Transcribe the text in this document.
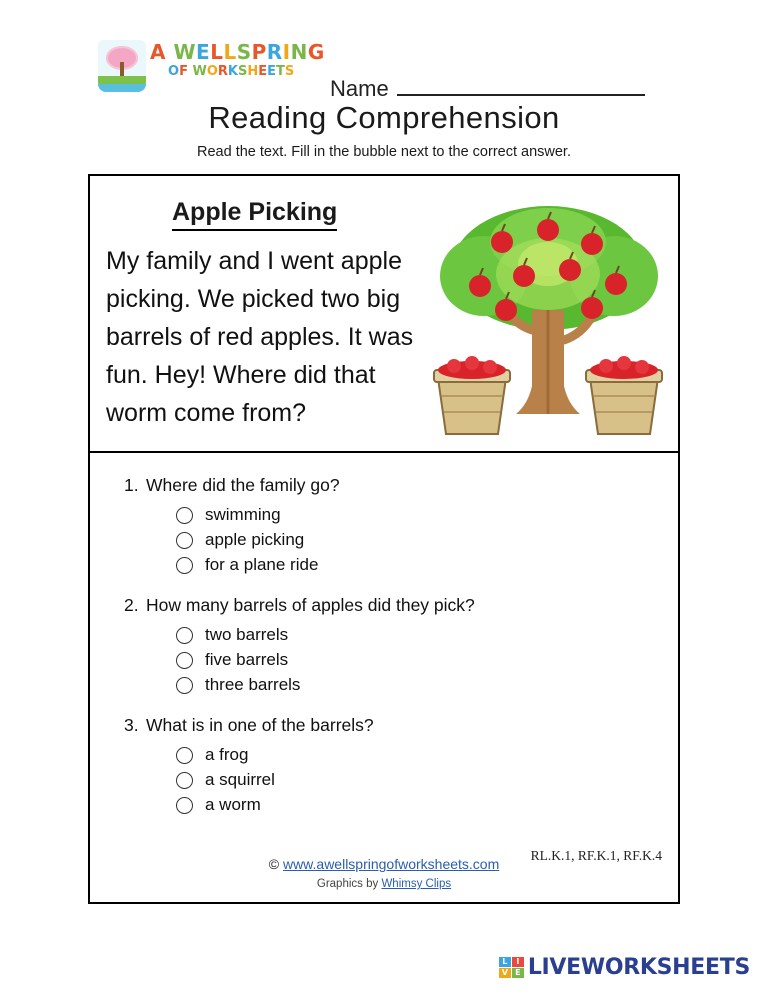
A WELLSPRING
OF WORKSHEETS
Name
Reading Comprehension
Read the text. Fill in the bubble next to the correct answer.
Apple Picking
My family and I went apple picking. We picked two big barrels of red apples. It was fun. Hey! Where did that worm come from?
1. Where did the family go?
swimming
apple picking
for a plane ride
2. How many barrels of apples did they pick?
two barrels
five barrels
three barrels
3. What is in one of the barrels?
a frog
a squirrel
a worm
RL.K.1, RF.K.1, RF.K.4
© www.awellspringofworksheets.com
Graphics by Whimsy Clips
L	I
V E LIVEWORKSHEETS
